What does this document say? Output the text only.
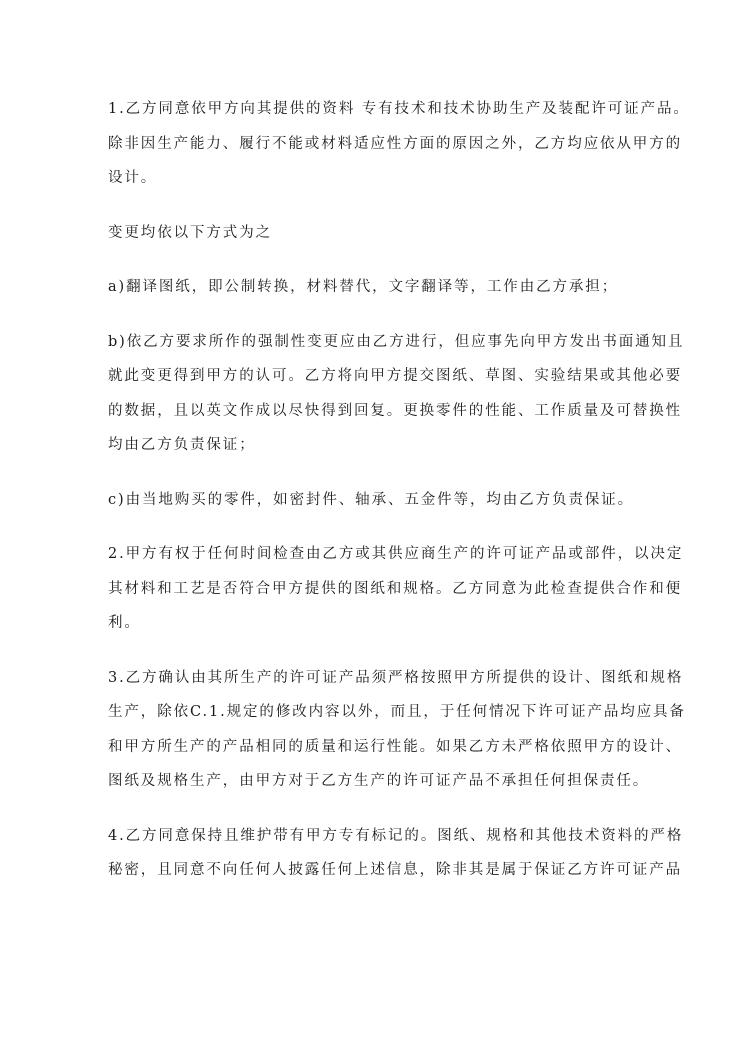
1.乙方同意依甲方向其提供的资料 专有技术和技术协助生产及装配许可证产品。
除非因生产能力、履行不能或材料适应性方面的原因之外，乙方均应依从甲方的
设计。
变更均依以下方式为之
a)翻译图纸，即公制转换，材料替代，文字翻译等，工作由乙方承担；
b)依乙方要求所作的强制性变更应由乙方进行，但应事先向甲方发出书面通知且
就此变更得到甲方的认可。乙方将向甲方提交图纸、草图、实验结果或其他必要
的数据，且以英文作成以尽快得到回复。更换零件的性能、工作质量及可替换性
均由乙方负责保证；
c)由当地购买的零件，如密封件、轴承、五金件等，均由乙方负责保证。
2.甲方有权于任何时间检查由乙方或其供应商生产的许可证产品或部件，以决定
其材料和工艺是否符合甲方提供的图纸和规格。乙方同意为此检查提供合作和便
利。
3.乙方确认由其所生产的许可证产品须严格按照甲方所提供的设计、图纸和规格
生产，除依C.1.规定的修改内容以外，而且，于任何情况下许可证产品均应具备
和甲方所生产的产品相同的质量和运行性能。如果乙方未严格依照甲方的设计、
图纸及规格生产，由甲方对于乙方生产的许可证产品不承担任何担保责任。
4.乙方同意保持且维护带有甲方专有标记的。图纸、规格和其他技术资料的严格
秘密，且同意不向任何人披露任何上述信息，除非其是属于保证乙方许可证产品
